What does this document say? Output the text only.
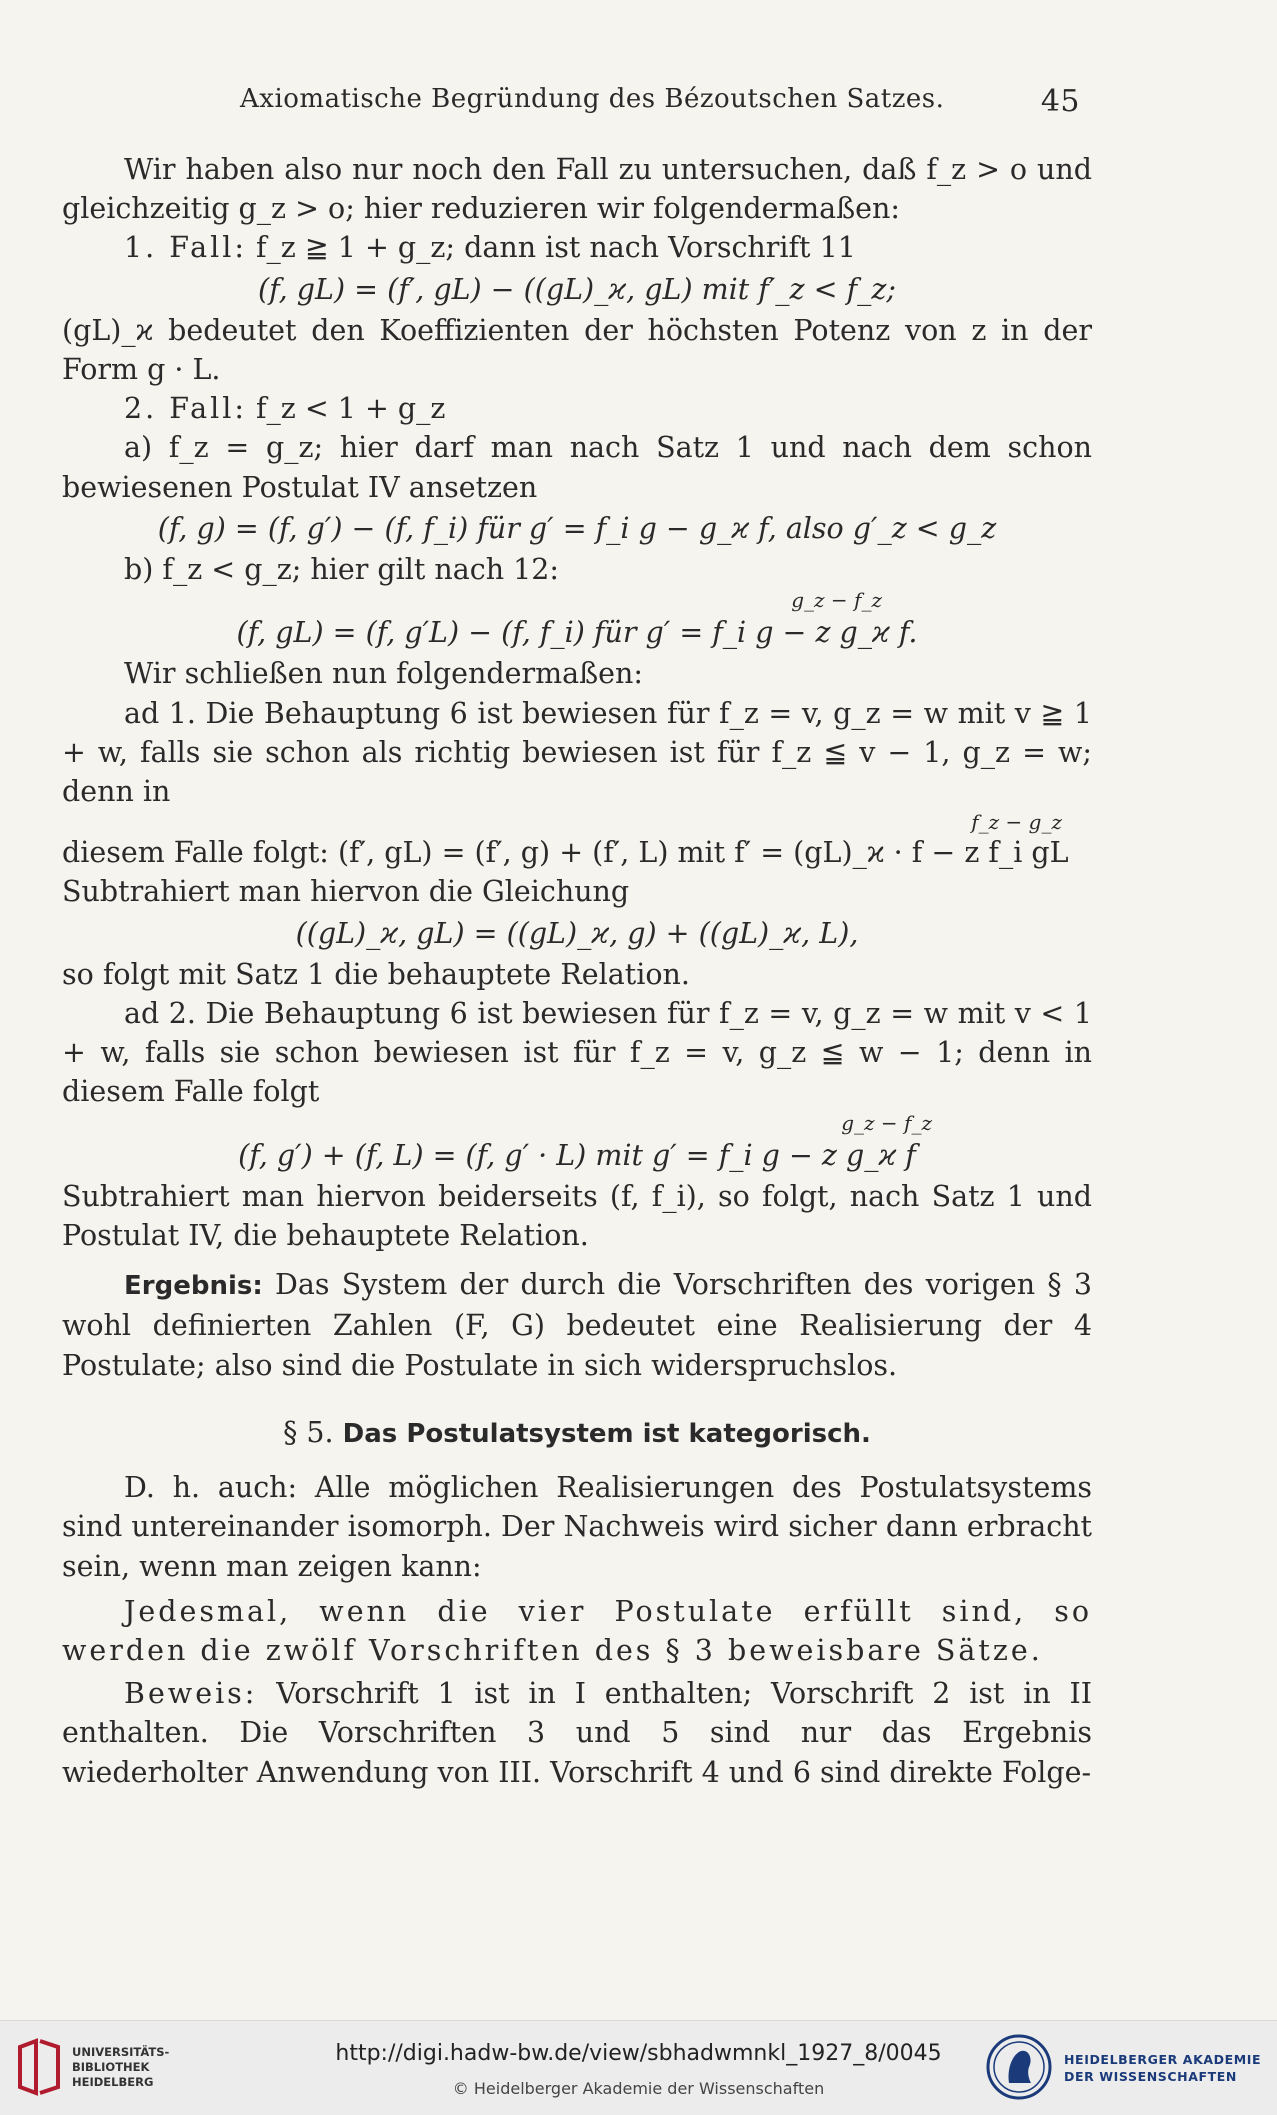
Axiomatische Begründung des Bézoutschen Satzes.	45

Wir haben also nur noch den Fall zu untersuchen, daß f_z > o und gleichzeitig g_z > o; hier reduzieren wir folgendermaßen:

1. Fall: f_z ≧ 1 + g_z; dann ist nach Vorschrift 11

(f, gL) = (f′, gL) − ((gL)_ϰ, gL) mit f′_z < f_z;

(gL)_ϰ bedeutet den Koeffizienten der höchsten Potenz von z in der Form g · L.

2. Fall: f_z < 1 + g_z

a) f_z = g_z; hier darf man nach Satz 1 und nach dem schon bewiesenen Postulat IV ansetzen

(f, g) = (f, g′) − (f, f_i) für g′ = f_i g − g_ϰ f, also g′_z < g_z

b) f_z < g_z; hier gilt nach 12:

g_z − f_z

(f, gL) = (f, g′L) − (f, f_i) für g′ = f_i g − z g_ϰ f.

Wir schließen nun folgendermaßen:

ad 1. Die Behauptung 6 ist bewiesen für f_z = v, g_z = w mit v ≧ 1 + w, falls sie schon als richtig bewiesen ist für f_z ≦ v − 1, g_z = w; denn in

f_z − g_z

diesem Falle folgt: (f′, gL) = (f′, g) + (f′, L) mit f′ = (gL)_ϰ · f − z f_i gL

Subtrahiert man hiervon die Gleichung

((gL)_ϰ, gL) = ((gL)_ϰ, g) + ((gL)_ϰ, L),

so folgt mit Satz 1 die behauptete Relation.

ad 2. Die Behauptung 6 ist bewiesen für f_z = v, g_z = w mit v < 1 + w, falls sie schon bewiesen ist für f_z = v, g_z ≦ w − 1; denn in diesem Falle folgt

g_z − f_z

(f, g′) + (f, L) = (f, g′ · L) mit g′ = f_i g − z g_ϰ f

Subtrahiert man hiervon beiderseits (f, f_i), so folgt, nach Satz 1 und Postulat IV, die behauptete Relation.

Ergebnis: Das System der durch die Vorschriften des vorigen § 3 wohl definierten Zahlen (F, G) bedeutet eine Realisierung der 4 Postulate; also sind die Postulate in sich widerspruchslos.

§ 5. Das Postulatsystem ist kategorisch.

D. h. auch: Alle möglichen Realisierungen des Postulatsystems sind untereinander isomorph. Der Nachweis wird sicher dann erbracht sein, wenn man zeigen kann:

Jedesmal, wenn die vier Postulate erfüllt sind, so werden die zwölf Vorschriften des § 3 beweisbare Sätze.

Beweis: Vorschrift 1 ist in I enthalten; Vorschrift 2 ist in II enthalten. Die Vorschriften 3 und 5 sind nur das Ergebnis wiederholter Anwendung von III. Vorschrift 4 und 6 sind direkte Folge-

UNIVERSITÄTS-
BIBLIOTHEK
HEIDELBERG
http://digi.hadw-bw.de/view/sbhadwmnkl_1927_8/0045
© Heidelberger Akademie der Wissenschaften
HEIDELBERGER AKADEMIE
DER WISSENSCHAFTEN
